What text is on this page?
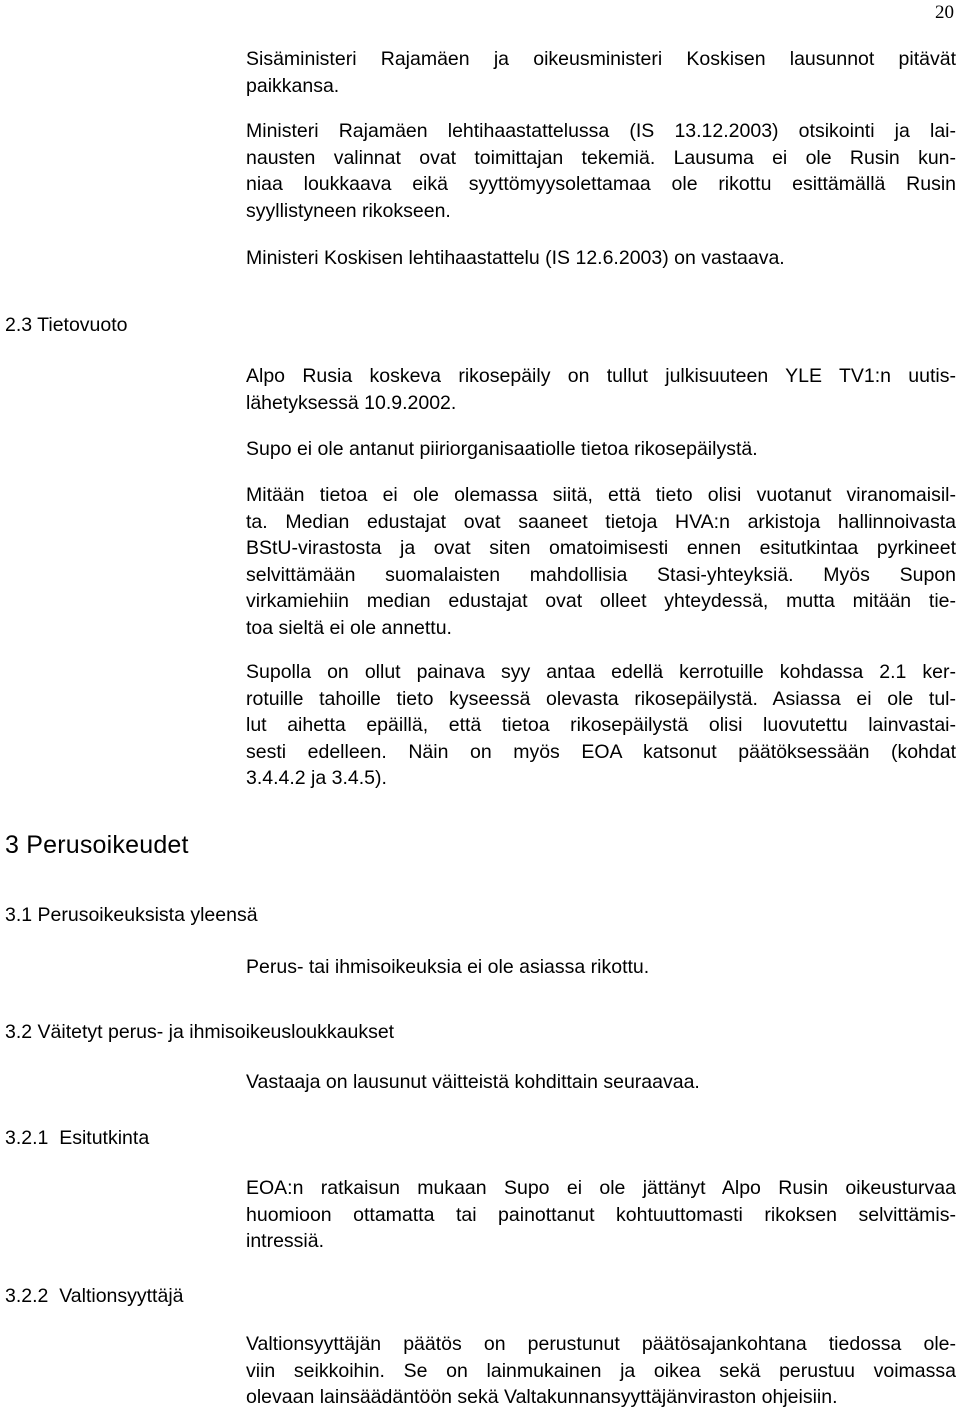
20
Sisäministeri Rajamäen ja oikeusministeri Koskisen lausunnot pitävät
paikkansa.
Ministeri Rajamäen lehtihaastattelussa (IS 13.12.2003) otsikointi ja lai-
nausten valinnat ovat toimittajan tekemiä. Lausuma ei ole Rusin kun-
niaa loukkaava eikä syyttömyysolettamaa ole rikottu esittämällä Rusin
syyllistyneen rikokseen.
Ministeri Koskisen lehtihaastattelu (IS 12.6.2003) on vastaava.
2.3 Tietovuoto
Alpo Rusia koskeva rikosepäily on tullut julkisuuteen YLE TV1:n uutis-
lähetyksessä 10.9.2002.
Supo ei ole antanut piiriorganisaatiolle tietoa rikosepäilystä.
Mitään tietoa ei ole olemassa siitä, että tieto olisi vuotanut viranomaisil-
ta. Median edustajat ovat saaneet tietoja HVA:n arkistoja hallinnoivasta
BStU-virastosta ja ovat siten omatoimisesti ennen esitutkintaa pyrkineet
selvittämään suomalaisten mahdollisia Stasi-yhteyksiä. Myös Supon
virkamiehiin median edustajat ovat olleet yhteydessä, mutta mitään tie-
toa sieltä ei ole annettu.
Supolla on ollut painava syy antaa edellä kerrotuille kohdassa 2.1 ker-
rotuille tahoille tieto kyseessä olevasta rikosepäilystä. Asiassa ei ole tul-
lut aihetta epäillä, että tietoa rikosepäilystä olisi luovutettu lainvastai-
sesti edelleen. Näin on myös EOA katsonut päätöksessään (kohdat
3.4.4.2 ja 3.4.5).
3 Perusoikeudet
3.1 Perusoikeuksista yleensä
Perus- tai ihmisoikeuksia ei ole asiassa rikottu.
3.2 Väitetyt perus- ja ihmisoikeusloukkaukset
Vastaaja on lausunut väitteistä kohdittain seuraavaa.
3.2.1  Esitutkinta
EOA:n ratkaisun mukaan Supo ei ole jättänyt Alpo Rusin oikeusturvaa
huomioon ottamatta tai painottanut kohtuuttomasti rikoksen selvittämis-
intressiä.
3.2.2  Valtionsyyttäjä
Valtionsyyttäjän päätös on perustunut päätösajankohtana tiedossa ole-
viin seikkoihin. Se on lainmukainen ja oikea sekä perustuu voimassa
olevaan lainsäädäntöön sekä Valtakunnansyyttäjänviraston ohjeisiin.
